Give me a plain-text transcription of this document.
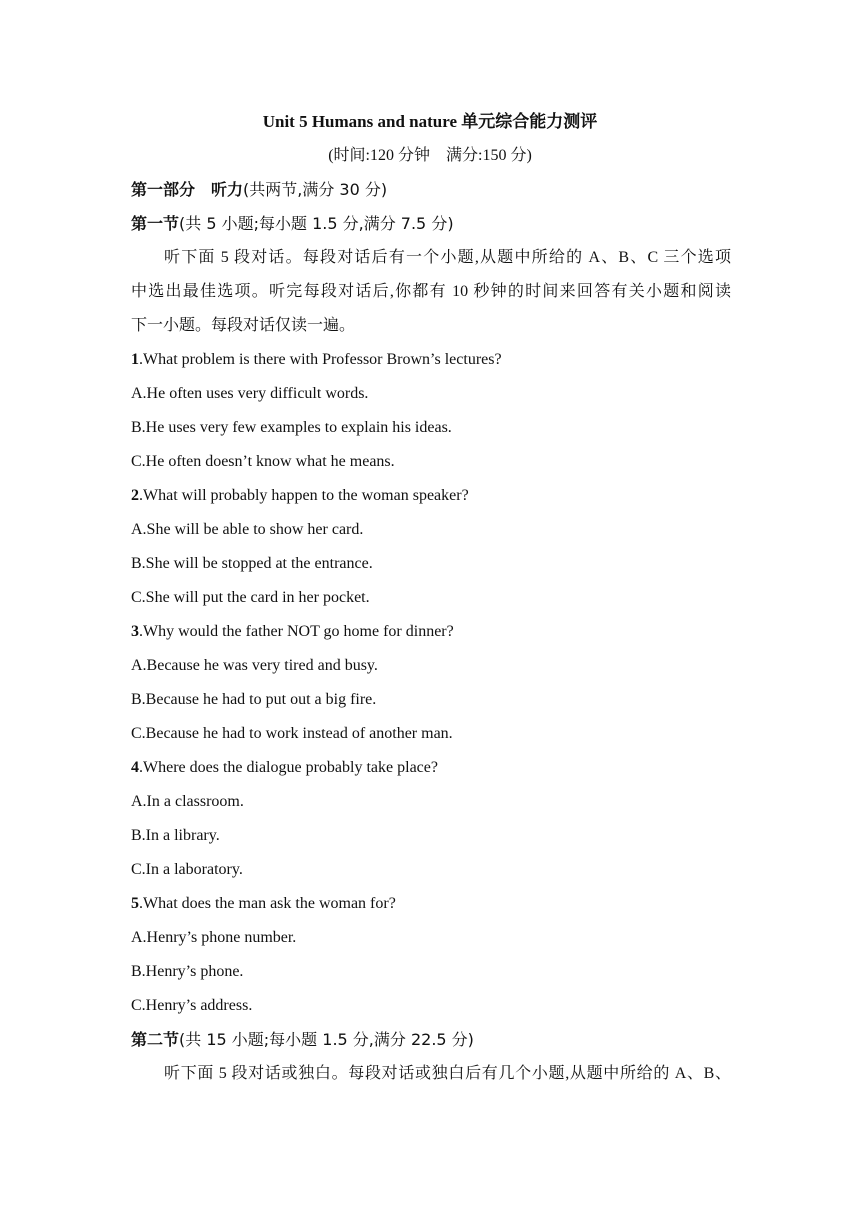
Unit 5 Humans and nature 单元综合能力测评
(时间:120 分钟　满分:150 分)
第一部分　听力(共两节,满分 30 分)
第一节(共 5 小题;每小题 1.5 分,满分 7.5 分)
听下面 5 段对话。每段对话后有一个小题,从题中所给的 A、B、C 三个选项
中选出最佳选项。听完每段对话后,你都有 10 秒钟的时间来回答有关小题和阅读
下一小题。每段对话仅读一遍。
1.What problem is there with Professor Brown’s lectures?
A.He often uses very difficult words.
B.He uses very few examples to explain his ideas.
C.He often doesn’t know what he means.
2.What will probably happen to the woman speaker?
A.She will be able to show her card.
B.She will be stopped at the entrance.
C.She will put the card in her pocket.
3.Why would the father NOT go home for dinner?
A.Because he was very tired and busy.
B.Because he had to put out a big fire.
C.Because he had to work instead of another man.
4.Where does the dialogue probably take place?
A.In a classroom.
B.In a library.
C.In a laboratory.
5.What does the man ask the woman for?
A.Henry’s phone number.
B.Henry’s phone.
C.Henry’s address.
第二节(共 15 小题;每小题 1.5 分,满分 22.5 分)
听下面 5 段对话或独白。每段对话或独白后有几个小题,从题中所给的 A、B、
